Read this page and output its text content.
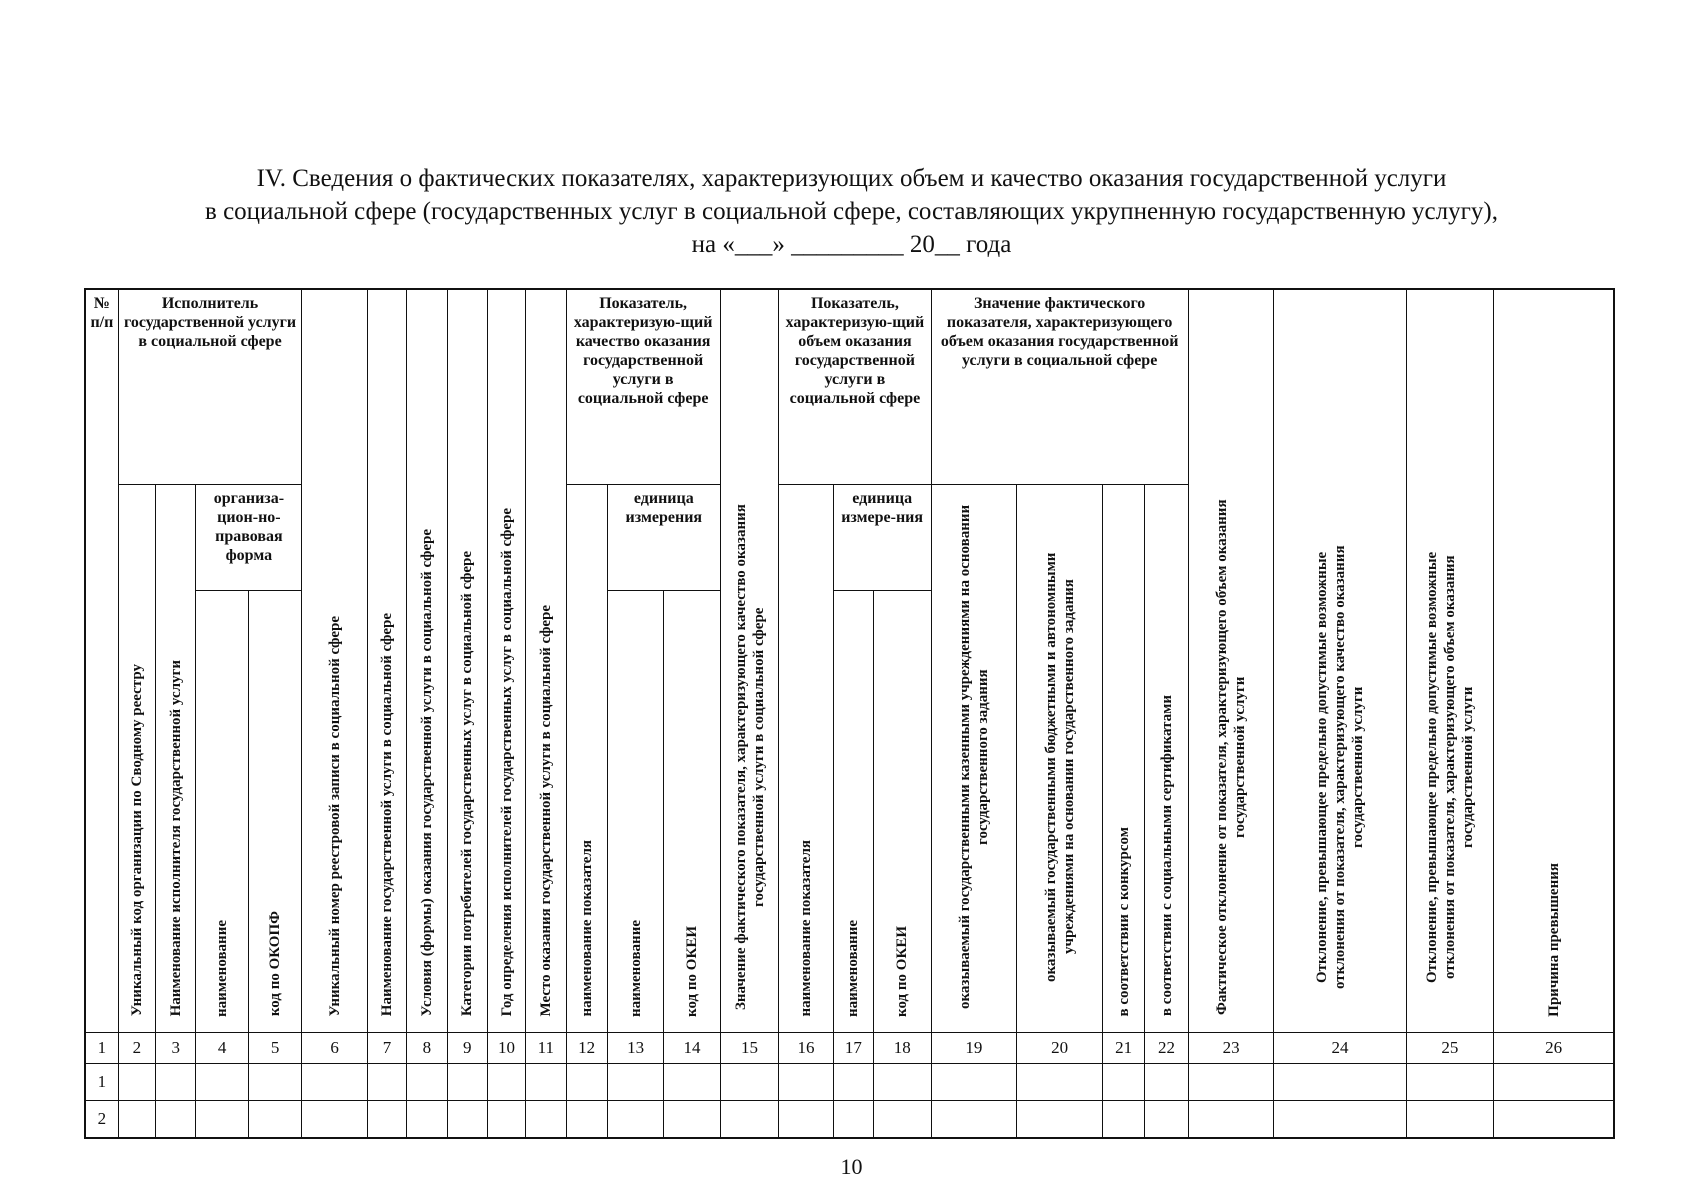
IV. Сведения о фактических показателях, характеризующих объем и качество оказания государственной услуги
в социальной сфере (государственных услуг в социальной сфере, составляющих укрупненную государственную услугу),
на «___» _________ 20__ года
№ п/п	Исполнитель государственной услуги в социальной сфере				Уникальный номер реестровой записи в социальной сфере	Наименование государственной услуги в социальной сфере	Условия (формы) оказания государственной услуги в социальной сфере	Категории потребителей государственных услуг в социальной сфере	Год определения исполнителей государственных услуг в социальной сфере	Место оказания государственной услуги в социальной сфере	Показатель, характеризую-щий качество оказания государственной услуги в социальной сфере			Значение фактического показателя, характеризующего качество оказания государственной услуги в социальной сфере	Показатель, характеризую-щий объем оказания государственной услуги в социальной сфере			Значение фактического показателя, характеризующего объем оказания государственной услуги в социальной сфере				Фактическое отклонение от показателя, характеризующего объем оказания государственной услуги	Отклонение, превышающее предельно допустимые возможные отклонения от показателя, характеризующего качество оказания государственной услуги	Отклонение, превышающее предельно допустимые возможные отклонения от показателя, характеризующего объем оказания государственной услуги	Причина превышения
	Уникальный код организации по Сводному реестру	Наименование исполнителя государственной услуги	организа-цион-но-правовая форма								наименование показателя	единица измерения			наименование показателя	единица измере-ния		оказываемый государственными казенными учреждениями на основании государственного задания	оказываемый государственными бюджетными и автономными учреждениями на основании государственного задания	в соответствии с конкурсом	в соответствии с социальными сертификатами				
			наименование	код по ОКОПФ								наименование	код по ОКЕИ			наименование	код по ОКЕИ								
1	2	3	4	5	6	7	8	9	10	11	12	13	14	15	16	17	18	19	20	21	22	23	24	25	26
1																									
2																									
10
